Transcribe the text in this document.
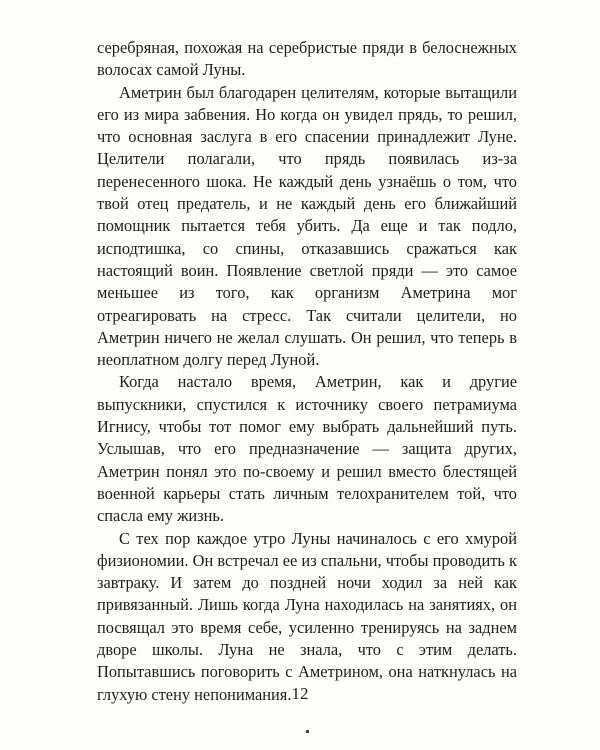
серебряная, похожая на серебристые пряди в белоснежных волосах самой Луны.

Аметрин был благодарен целителям, которые вытащили его из мира забвения. Но когда он увидел прядь, то решил, что основная заслуга в его спасении принадлежит Луне. Целители полагали, что прядь появилась из-за перенесенного шока. Не каждый день узнаёшь о том, что твой отец предатель, и не каждый день его ближайший помощник пытается тебя убить. Да еще и так подло, исподтишка, со спины, отказавшись сражаться как настоящий воин. Появление светлой пряди — это самое меньшее из того, как организм Аметрина мог отреагировать на стресс. Так считали целители, но Аметрин ничего не желал слушать. Он решил, что теперь в неоплатном долгу перед Луной.

Когда настало время, Аметрин, как и другие выпускники, спустился к источнику своего петрамиума Игнису, чтобы тот помог ему выбрать дальнейший путь. Услышав, что его предназначение — защита других, Аметрин понял это по-своему и решил вместо блестящей военной карьеры стать личным телохранителем той, что спасла ему жизнь.

С тех пор каждое утро Луны начиналось с его хмурой физиономии. Он встречал ее из спальни, чтобы проводить к завтраку. И затем до поздней ночи ходил за ней как привязанный. Лишь когда Луна находилась на занятиях, он посвящал это время себе, усиленно тренируясь на заднем дворе школы. Луна не знала, что с этим делать. Попытавшись поговорить с Аметрином, она наткнулась на глухую стену непонимания. 12
